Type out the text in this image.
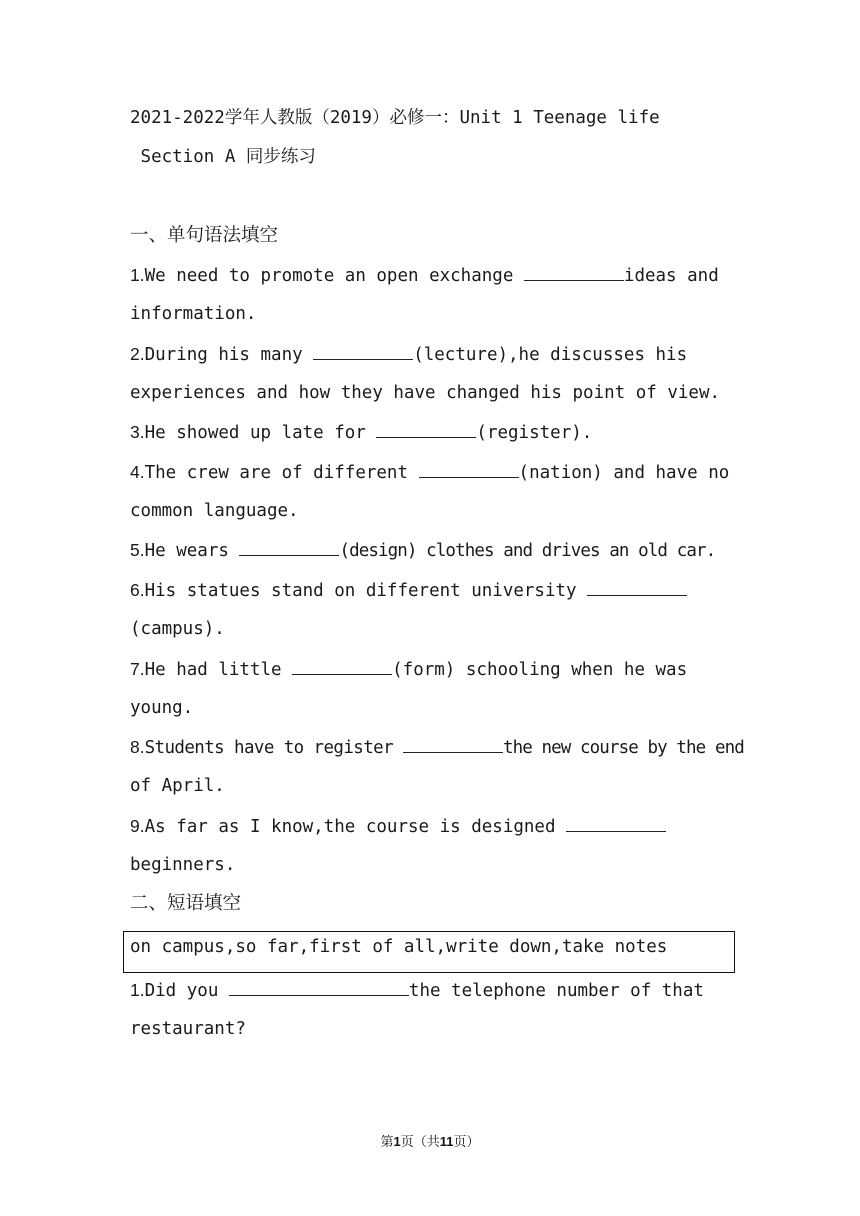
2021-2022学年人教版（2019）必修一：Unit 1 Teenage life
Section A 同步练习
一、单句语法填空
1.We need to promote an open exchange	ideas and
information.
2.During his many	(lecture),he discusses his
experiences and how they have changed his point of view.
3.He showed up late for	(register).
4.The crew are of different	(nation) and have no
common language.
5.He wears	(design) clothes and drives an old car.
6.His statues stand on different university
(campus).
7.He had little	(form) schooling when he was
young.
8.Students have to register	the new course by the end
of April.
9.As far as I know,the course is designed
beginners.
二、短语填空
on campus,so far,first of all,write down,take notes
1.Did you	the telephone number of that
restaurant?
第1页（共11页）
